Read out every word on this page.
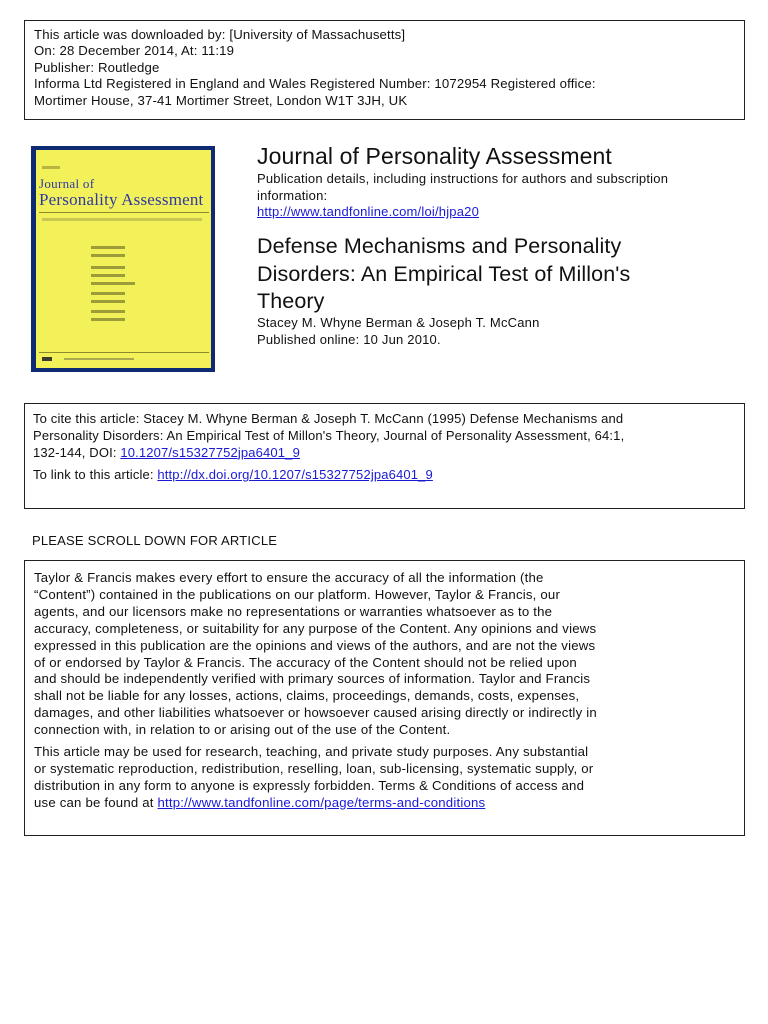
This article was downloaded by: [University of Massachusetts]
On: 28 December 2014, At: 11:19
Publisher: Routledge
Informa Ltd Registered in England and Wales Registered Number: 1072954 Registered office:
Mortimer House, 37-41 Mortimer Street, London W1T 3JH, UK
Journal of
Personality Assessment
Journal of Personality Assessment
Publication details, including instructions for authors and subscription
information:
http://www.tandfonline.com/loi/hjpa20
Defense Mechanisms and Personality
Disorders: An Empirical Test of Millon's
Theory
Stacey M. Whyne Berman & Joseph T. McCann
Published online: 10 Jun 2010.
To cite this article: Stacey M. Whyne Berman & Joseph T. McCann (1995) Defense Mechanisms and
Personality Disorders: An Empirical Test of Millon's Theory, Journal of Personality Assessment, 64:1,
132-144, DOI: 10.1207/s15327752jpa6401_9
To link to this article: http://dx.doi.org/10.1207/s15327752jpa6401_9
PLEASE SCROLL DOWN FOR ARTICLE
Taylor & Francis makes every effort to ensure the accuracy of all the information (the
“Content”) contained in the publications on our platform. However, Taylor & Francis, our
agents, and our licensors make no representations or warranties whatsoever as to the
accuracy, completeness, or suitability for any purpose of the Content. Any opinions and views
expressed in this publication are the opinions and views of the authors, and are not the views
of or endorsed by Taylor & Francis. The accuracy of the Content should not be relied upon
and should be independently verified with primary sources of information. Taylor and Francis
shall not be liable for any losses, actions, claims, proceedings, demands, costs, expenses,
damages, and other liabilities whatsoever or howsoever caused arising directly or indirectly in
connection with, in relation to or arising out of the use of the Content.
This article may be used for research, teaching, and private study purposes. Any substantial
or systematic reproduction, redistribution, reselling, loan, sub-licensing, systematic supply, or
distribution in any form to anyone is expressly forbidden. Terms & Conditions of access and
use can be found at http://www.tandfonline.com/page/terms-and-conditions
